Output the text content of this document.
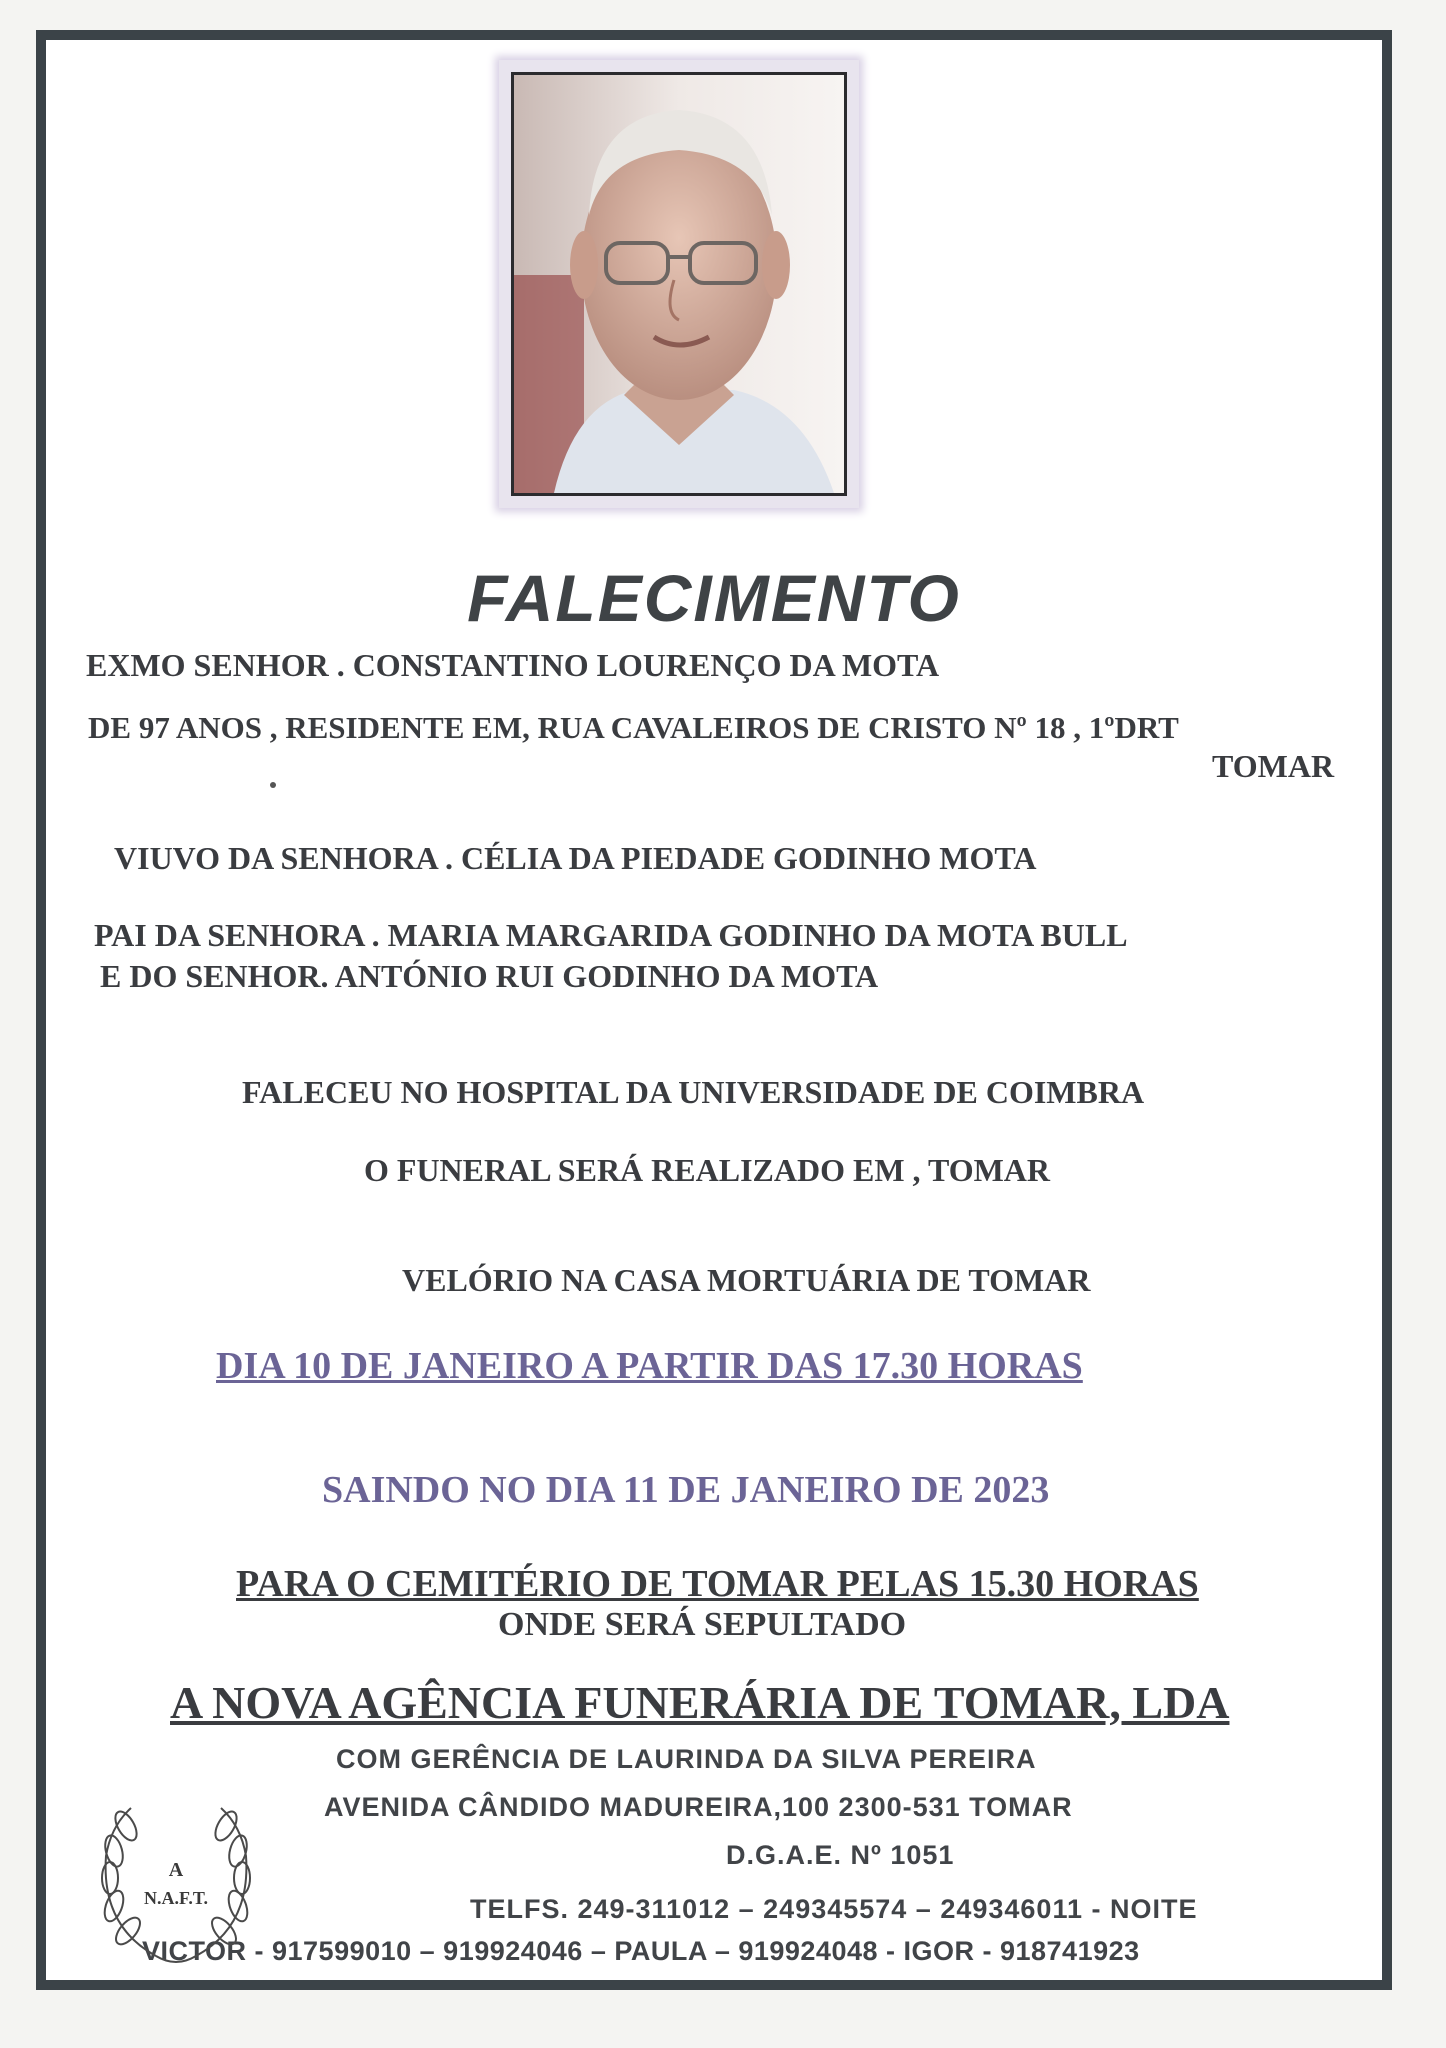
FALECIMENTO
EXMO SENHOR . CONSTANTINO LOURENÇO DA MOTA
DE 97 ANOS , RESIDENTE EM, RUA CAVALEIROS DE CRISTO Nº 18 , 1ºDRT
TOMAR
VIUVO DA SENHORA . CÉLIA DA PIEDADE GODINHO MOTA
PAI DA SENHORA . MARIA MARGARIDA GODINHO DA MOTA BULL
E DO SENHOR. ANTÓNIO RUI GODINHO DA MOTA
FALECEU NO HOSPITAL DA UNIVERSIDADE DE COIMBRA
O FUNERAL SERÁ REALIZADO EM , TOMAR
VELÓRIO NA CASA MORTUÁRIA DE TOMAR
DIA 10 DE JANEIRO A PARTIR DAS 17.30 HORAS
SAINDO NO DIA 11 DE JANEIRO DE 2023
PARA O CEMITÉRIO DE TOMAR PELAS 15.30 HORAS
ONDE SERÁ SEPULTADO
A NOVA AGÊNCIA FUNERÁRIA DE TOMAR, LDA
COM GERÊNCIA DE LAURINDA DA SILVA PEREIRA
AVENIDA CÂNDIDO MADUREIRA,100 2300-531 TOMAR
D.G.A.E. Nº 1051
TELFS. 249-311012 – 249345574 – 249346011 - NOITE
VICTOR - 917599010 – 919924046 – PAULA – 919924048 - IGOR - 918741923
A
N.A.F.T.
